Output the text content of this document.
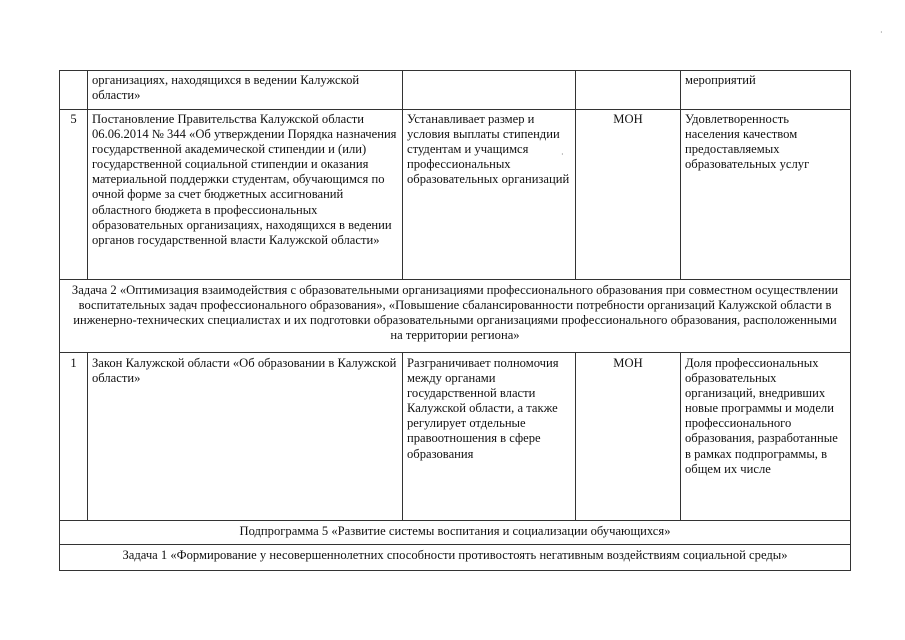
	организациях, находящихся в ведении Калужской области»			мероприятий
5	Постановление Правительства Калужской области 06.06.2014 № 344 «Об утверждении Порядка назначения государственной академической стипендии и (или) государственной социальной стипендии и оказания материальной поддержки студентам, обучающимся по очной форме за счет бюджетных ассигнований областного бюджета в профессиональных образовательных организациях, находящихся в ведении органов государственной власти Калужской области»	Устанавливает размер и условия выплаты стипендии студентам и учащимся профессиональных образовательных организаций	МОН	Удовлетворенность населения качеством предоставляемых образовательных услуг
Задача 2 «Оптимизация взаимодействия с образовательными организациями профессионального образования при совместном осуществлении воспитательных задач профессионального образования», «Повышение сбалансированности потребности организаций Калужской области в инженерно-технических специалистах и их подготовки образовательными организациями профессионального образования, расположенными на территории региона»				
1	Закон Калужской области «Об образовании в Калужской области»	Разграничивает полномочия между органами государственной власти Калужской области, а также регулирует отдельные правоотношения в сфере образования	МОН	Доля профессиональных образовательных организаций, внедривших новые программы и модели профессионального образования, разработанные в рамках подпрограммы, в общем их числе
Подпрограмма 5 «Развитие системы воспитания и социализации обучающихся»				
Задача 1 «Формирование у несовершеннолетних способности противостоять негативным воздействиям социальной среды»				
·
·
